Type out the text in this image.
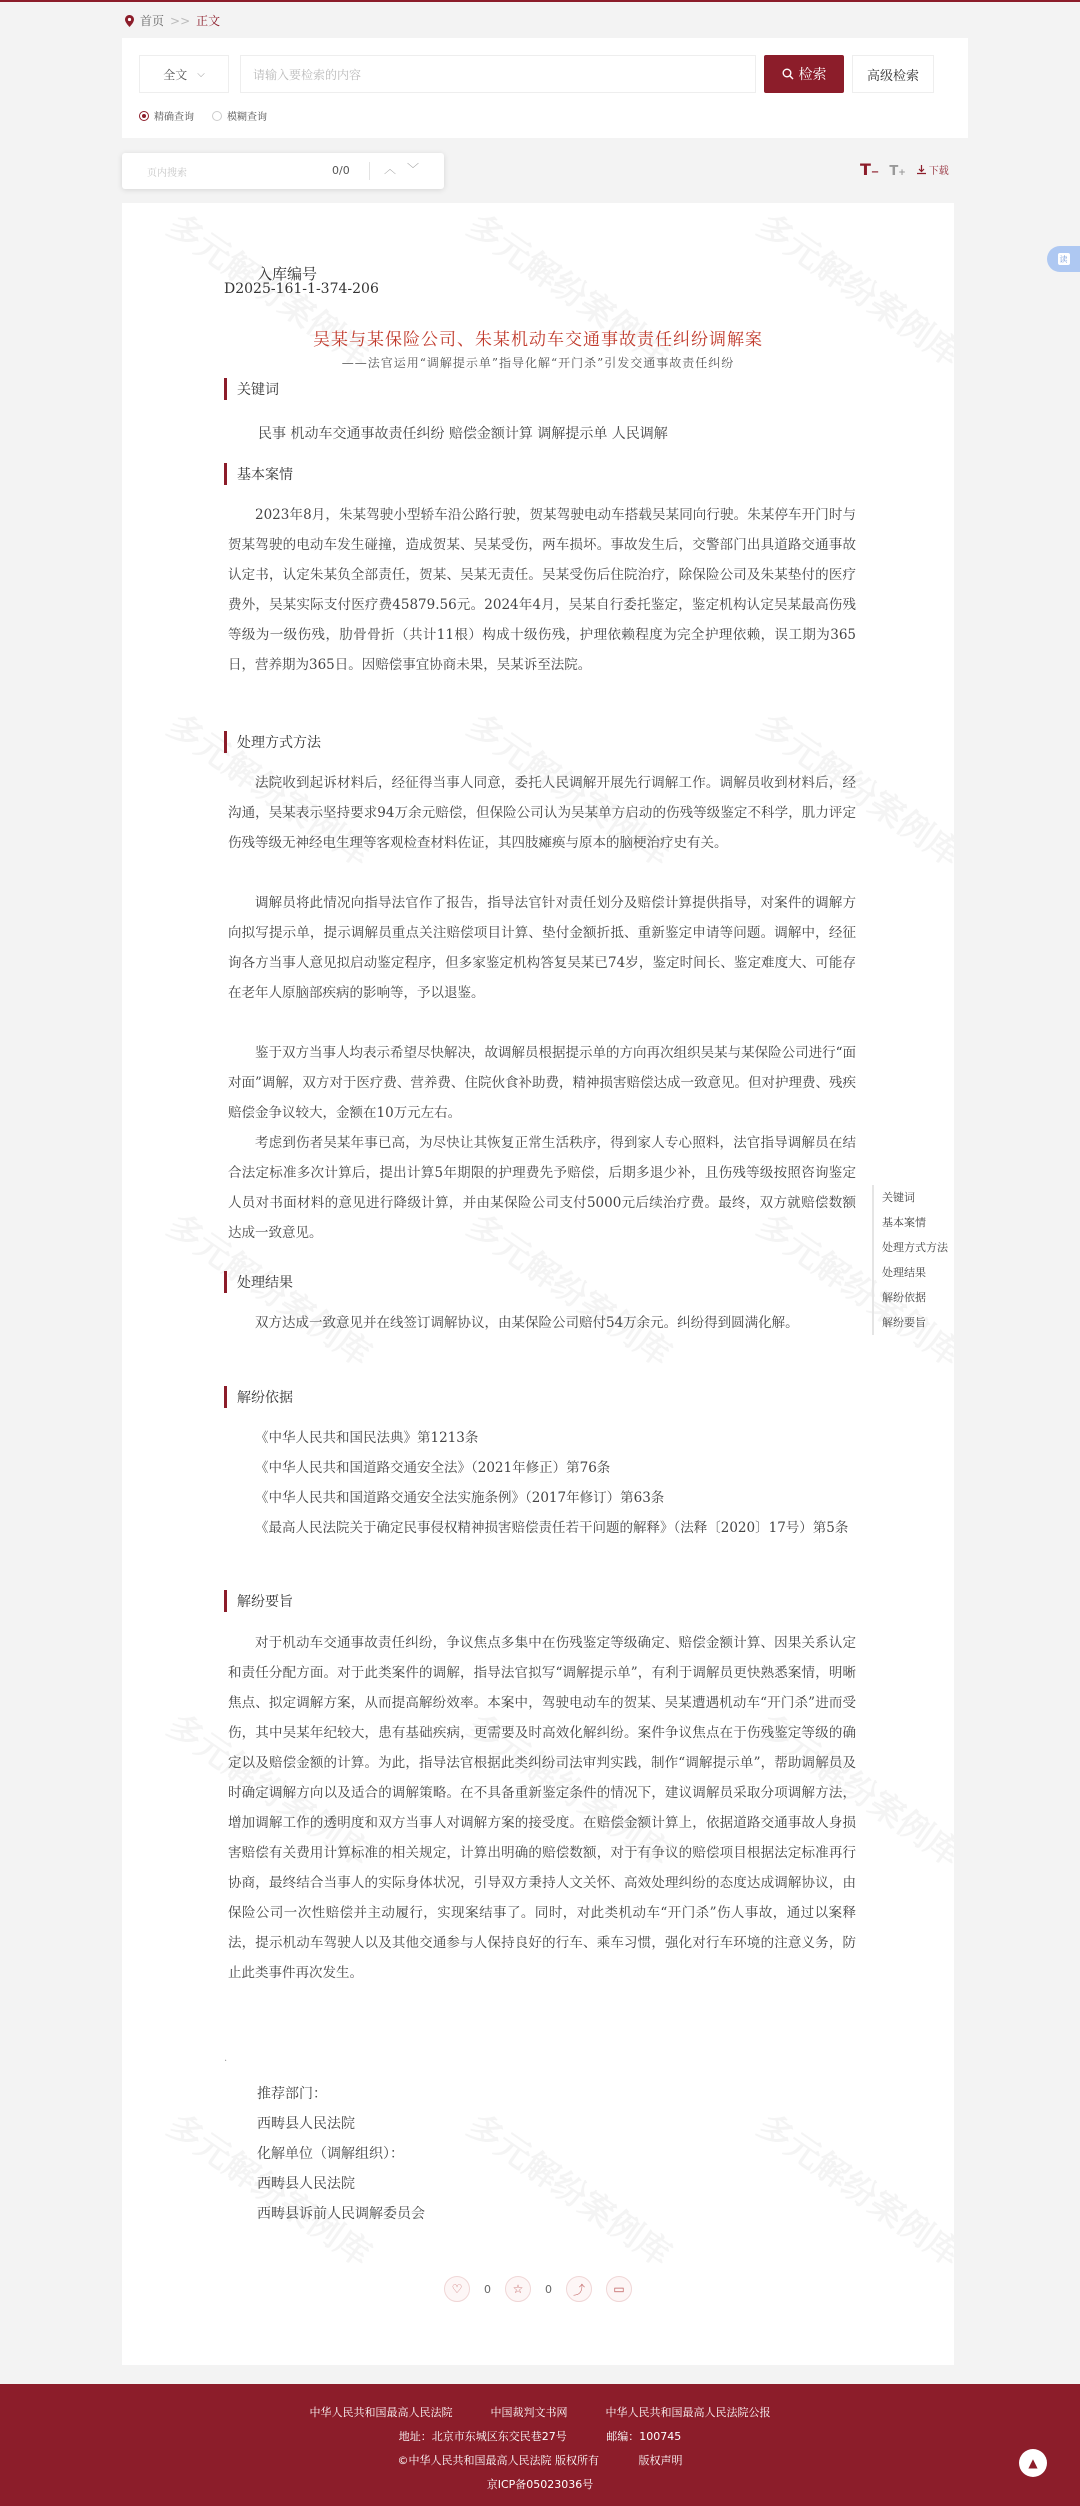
首页 >> 正文
全文 ⌵	请输入要检索的内容	检索	高级检索
精确查询	模糊查询
页内搜索	0/0	︿ ﹀	T− T+ 下载
入库编号
D2025-161-1-374-206
吴某与某保险公司、朱某机动车交通事故责任纠纷调解案
——法官运用“调解提示单”指导化解“开门杀”引发交通事故责任纠纷
关键词
民事 机动车交通事故责任纠纷 赔偿金额计算 调解提示单 人民调解
基本案情
2023年8月，朱某驾驶小型轿车沿公路行驶，贺某驾驶电动车搭载吴某同向行驶。朱某停车开门时与贺某驾驶的电动车发生碰撞，造成贺某、吴某受伤，两车损坏。事故发生后，交警部门出具道路交通事故认定书，认定朱某负全部责任，贺某、吴某无责任。吴某受伤后住院治疗，除保险公司及朱某垫付的医疗费外，吴某实际支付医疗费45879.56元。2024年4月，吴某自行委托鉴定，鉴定机构认定吴某最高伤残等级为一级伤残，肋骨骨折（共计11根）构成十级伤残，护理依赖程度为完全护理依赖，误工期为365日，营养期为365日。因赔偿事宜协商未果，吴某诉至法院。
处理方式方法
法院收到起诉材料后，经征得当事人同意，委托人民调解开展先行调解工作。调解员收到材料后，经沟通，吴某表示坚持要求94万余元赔偿，但保险公司认为吴某单方启动的伤残等级鉴定不科学，肌力评定伤残等级无神经电生理等客观检查材料佐证，其四肢瘫痪与原本的脑梗治疗史有关。
调解员将此情况向指导法官作了报告，指导法官针对责任划分及赔偿计算提供指导，对案件的调解方向拟写提示单，提示调解员重点关注赔偿项目计算、垫付金额折抵、重新鉴定申请等问题。调解中，经征询各方当事人意见拟启动鉴定程序，但多家鉴定机构答复吴某已74岁，鉴定时间长、鉴定难度大、可能存在老年人原脑部疾病的影响等，予以退鉴。
鉴于双方当事人均表示希望尽快解决，故调解员根据提示单的方向再次组织吴某与某保险公司进行“面对面”调解，双方对于医疗费、营养费、住院伙食补助费，精神损害赔偿达成一致意见。但对护理费、残疾赔偿金争议较大，金额在10万元左右。
考虑到伤者吴某年事已高，为尽快让其恢复正常生活秩序，得到家人专心照料，法官指导调解员在结合法定标准多次计算后，提出计算5年期限的护理费先予赔偿，后期多退少补，且伤残等级按照咨询鉴定人员对书面材料的意见进行降级计算，并由某保险公司支付5000元后续治疗费。最终，双方就赔偿数额达成一致意见。
处理结果
双方达成一致意见并在线签订调解协议，由某保险公司赔付54万余元。纠纷得到圆满化解。
解纷依据
《中华人民共和国民法典》第1213条
《中华人民共和国道路交通安全法》（2021年修正）第76条
《中华人民共和国道路交通安全法实施条例》（2017年修订）第63条
《最高人民法院关于确定民事侵权精神损害赔偿责任若干问题的解释》（法释〔2020〕17号）第5条
解纷要旨
对于机动车交通事故责任纠纷，争议焦点多集中在伤残鉴定等级确定、赔偿金额计算、因果关系认定和责任分配方面。对于此类案件的调解，指导法官拟写“调解提示单”，有利于调解员更快熟悉案情，明晰焦点、拟定调解方案，从而提高解纷效率。本案中，驾驶电动车的贺某、吴某遭遇机动车“开门杀”进而受伤，其中吴某年纪较大，患有基础疾病，更需要及时高效化解纠纷。案件争议焦点在于伤残鉴定等级的确定以及赔偿金额的计算。为此，指导法官根据此类纠纷司法审判实践，制作“调解提示单”，帮助调解员及时确定调解方向以及适合的调解策略。在不具备重新鉴定条件的情况下，建议调解员采取分项调解方法，增加调解工作的透明度和双方当事人对调解方案的接受度。在赔偿金额计算上，依据道路交通事故人身损害赔偿有关费用计算标准的相关规定，计算出明确的赔偿数额，对于有争议的赔偿项目根据法定标准再行协商，最终结合当事人的实际身体状况，引导双方秉持人文关怀、高效处理纠纷的态度达成调解协议，由保险公司一次性赔偿并主动履行，实现案结事了。同时，对此类机动车“开门杀”伤人事故，通过以案释法，提示机动车驾驶人以及其他交通参与人保持良好的行车、乘车习惯，强化对行车环境的注意义务，防止此类事件再次发生。
.
推荐部门：
西畴县人民法院
化解单位（调解组织）：
西畴县人民法院
西畴县诉前人民调解委员会
♡ 0 ☆ 0 ⤴ ▭
关键词
基本案情
处理方式方法
处理结果
解纷依据
解纷要旨
读
中华人民共和国最高人民法院	中国裁判文书网	中华人民共和国最高人民法院公报
地址：北京市东城区东交民巷27号	邮编：100745
©中华人民共和国最高人民法院 版权所有	版权声明
京ICP备05023036号
▲
